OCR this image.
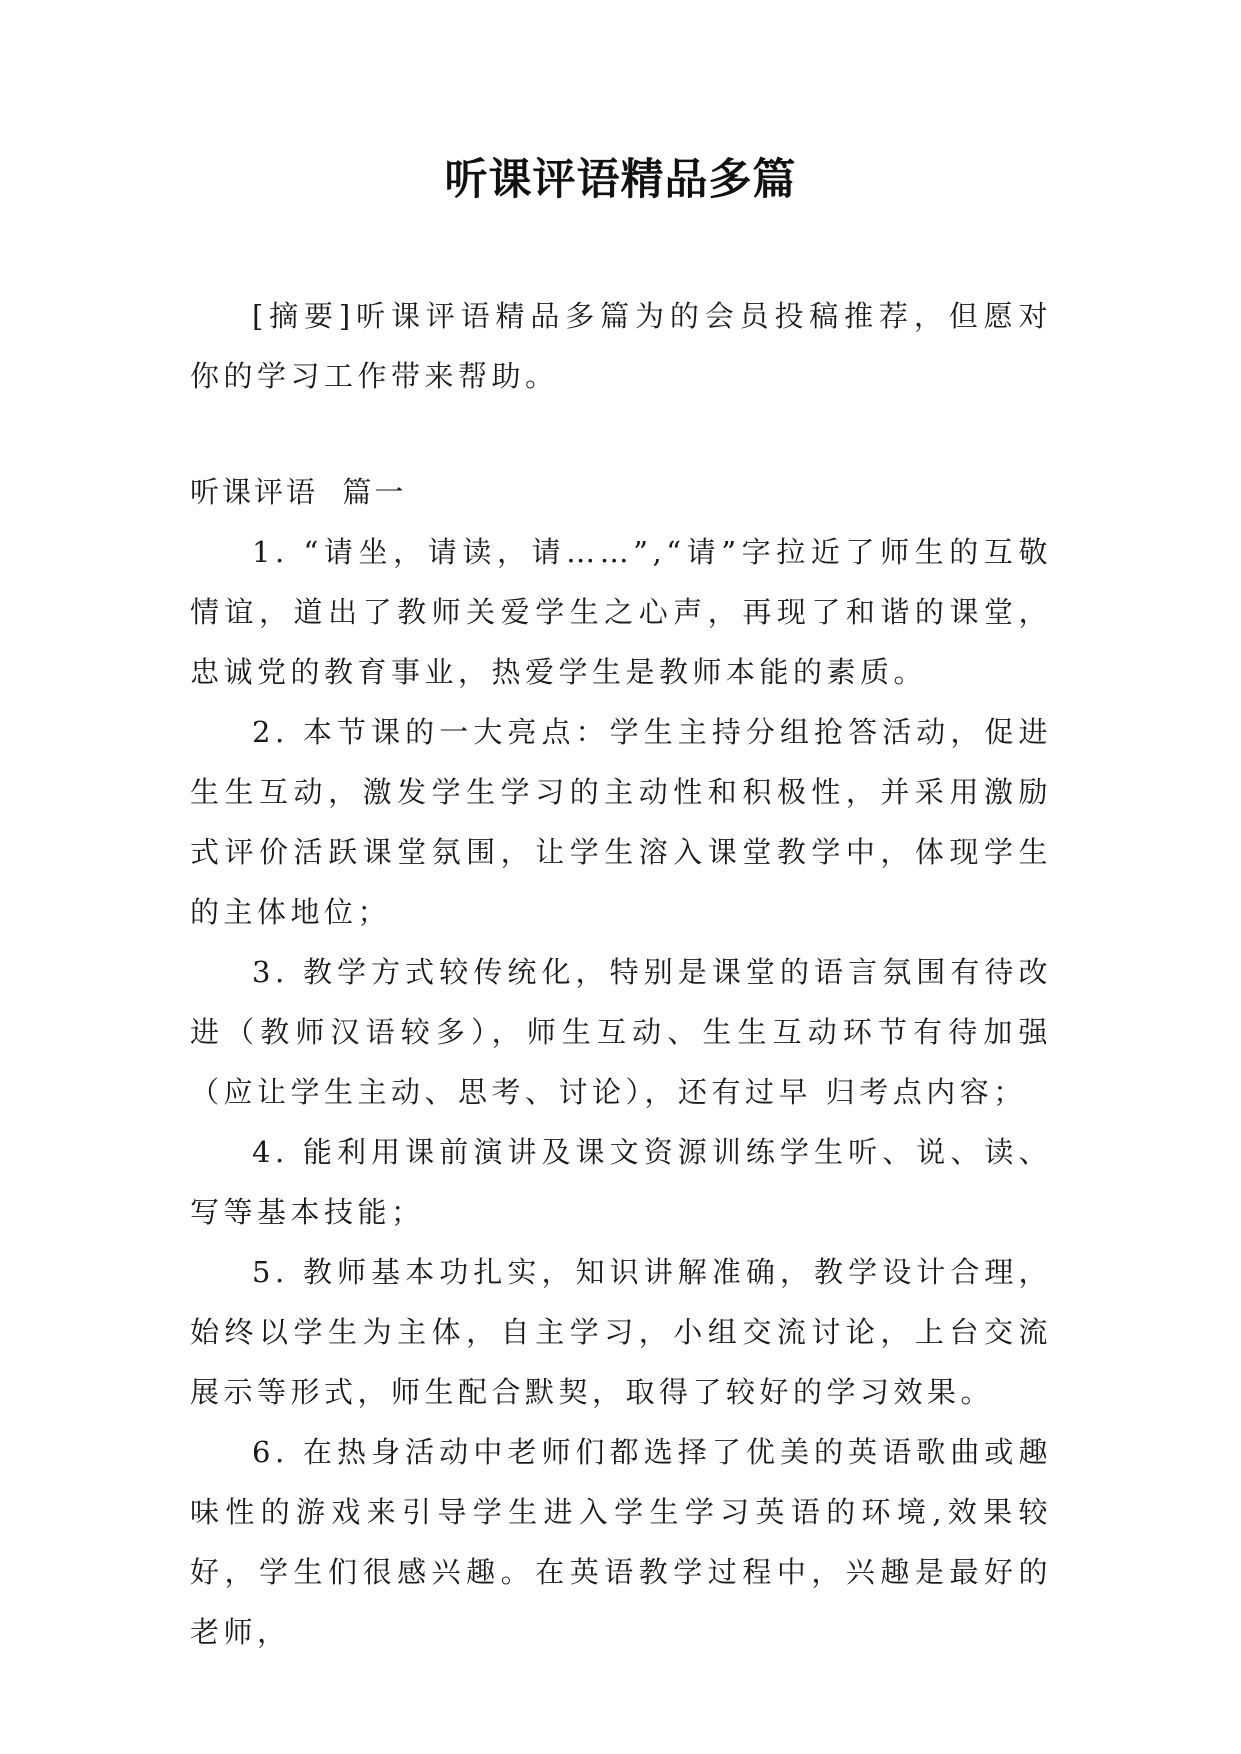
听课评语精品多篇

[摘要]听课评语精品多篇为的会员投稿推荐，但愿对你的学习工作带来帮助。

听课评语  篇一

1. “请坐，请读，请……”,“请”字拉近了师生的互敬情谊，道出了教师关爱学生之心声，再现了和谐的课堂，忠诚党的教育事业，热爱学生是教师本能的素质。

2. 本节课的一大亮点：学生主持分组抢答活动，促进生生互动，激发学生学习的主动性和积极性，并采用激励式评价活跃课堂氛围，让学生溶入课堂教学中，体现学生的主体地位；

3. 教学方式较传统化，特别是课堂的语言氛围有待改进（教师汉语较多），师生互动、生生互动环节有待加强（应让学生主动、思考、讨论），还有过早 归考点内容；

4. 能利用课前演讲及课文资源训练学生听、说、读、写等基本技能；

5. 教师基本功扎实，知识讲解准确，教学设计合理，始终以学生为主体，自主学习，小组交流讨论，上台交流展示等形式，师生配合默契，取得了较好的学习效果。

6. 在热身活动中老师们都选择了优美的英语歌曲或趣味性的游戏来引导学生进入学生学习英语的环境,效果较好，学生们很感兴趣。在英语教学过程中，兴趣是最好的老师，
